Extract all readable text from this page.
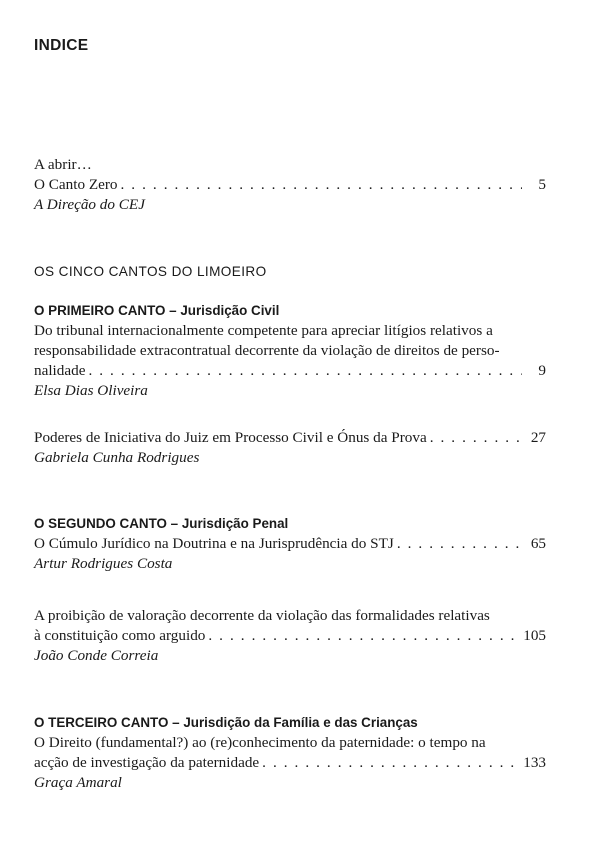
INDICE
A abrir…
O Canto Zero . . .	5
A Direção do CEJ
OS CINCO CANTOS DO LIMOEIRO
O PRIMEIRO CANTO – Jurisdição Civil
Do tribunal internacionalmente competente para apreciar litígios relativos a
responsabilidade extracontratual decorrente da violação de direitos de perso-
nalidade . . .	9
Elsa Dias Oliveira
Poderes de Iniciativa do Juiz em Processo Civil e Ónus da Prova . . .	27
Gabriela Cunha Rodrigues
O SEGUNDO CANTO – Jurisdição Penal
O Cúmulo Jurídico na Doutrina e na Jurisprudência do STJ . . .	65
Artur Rodrigues Costa
A proibição de valoração decorrente da violação das formalidades relativas
à constituição como arguido . . .	105
João Conde Correia
O TERCEIRO CANTO – Jurisdição da Família e das Crianças
O Direito (fundamental?) ao (re)conhecimento da paternidade: o tempo na
acção de investigação da paternidade . . .	133
Graça Amaral
